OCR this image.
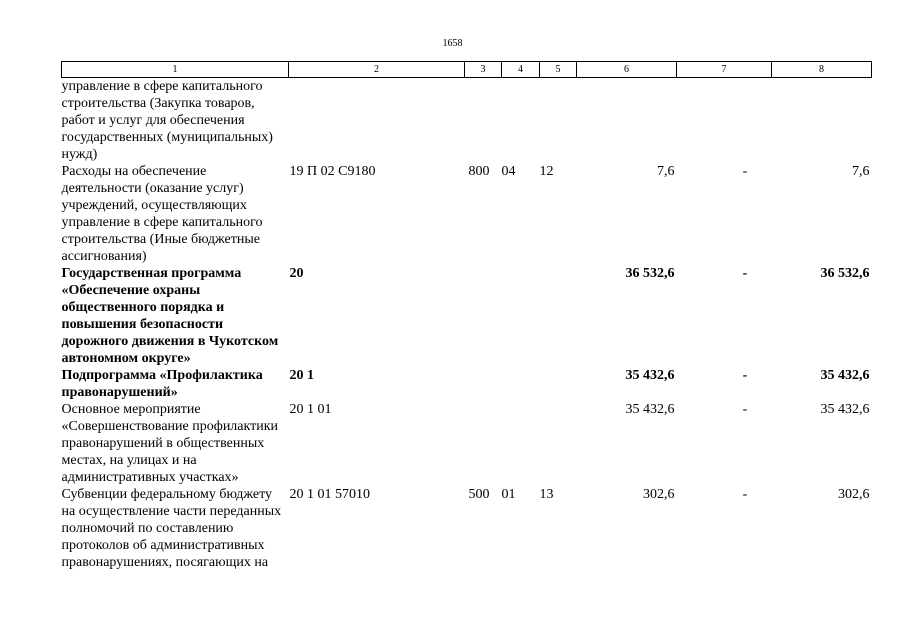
1658
1	2	3	4	5	6	7	8
управление в сфере капитального строительства (Закупка товаров, работ и услуг для обеспечения государственных (муниципальных) нужд)							
Расходы на обеспечение деятельности (оказание услуг) учреждений, осуществляющих управление в сфере капитального строительства (Иные бюджетные ассигнования)	19 П 02 С9180	800	04	12	7,6	-	7,6
Государственная программа «Обеспечение охраны общественного порядка и повышения безопасности дорожного движения в Чукотском автономном округе»	20				36 532,6	-	36 532,6
Подпрограмма «Профилактика правонарушений»	20 1				35 432,6	-	35 432,6
Основное мероприятие «Совершенствование профилактики правонарушений в общественных местах, на улицах и на административных участках»	20 1 01				35 432,6	-	35 432,6
Субвенции федеральному бюджету на осуществление части переданных полномочий по составлению протоколов об административных правонарушениях, посягающих на	20 1 01 57010	500	01	13	302,6	-	302,6
